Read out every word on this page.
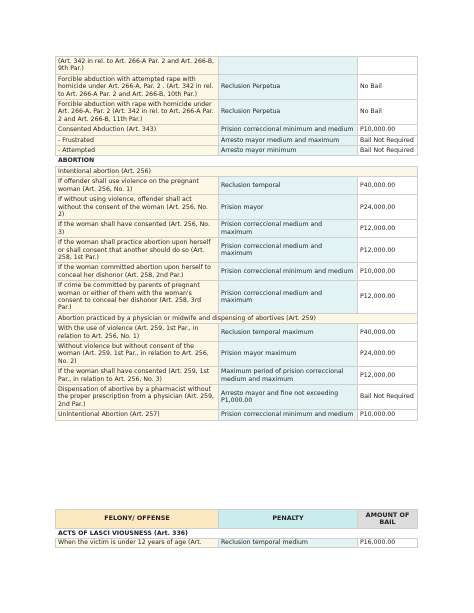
(Art. 342 in rel. to Art. 266-A Par. 2 and Art. 266-B, 9th Par.)		
Forcible abduction with attempted rape with homicide under Art. 266-A, Par. 2 . (Art. 342 in rel. to Art. 266-A Par. 2 and Art. 266-B, 10th Par.)	Reclusion Perpetua	No Bail
Forcible abduction with rape with homicide under Art. 266-A, Par. 2 (Art. 342 in rel. to Art. 266-A Par. 2 and Art. 266-B, 11th Par.)	Reclusion Perpetua	No Bail
Consented Abduction (Art. 343)	Prision correccional minimum and medium	P10,000.00
- Frustrated	Arresto mayor medium and maximum	Bail Not Required
- Attempted	Arresto mayor minimum	Bail Not Required
ABORTION		
Intentional abortion (Art. 256)		
If offender shall use violence on the pregnant woman (Art. 256, No. 1)	Reclusion temporal	P40,000.00
If without using violence, offender shall act without the consent of the woman (Art. 256, No. 2)	Prision mayor	P24,000.00
If the woman shall have consented (Art. 256, No. 3)	Prision correccional medium and maximum	P12,000.00
If the woman shall practice abortion upon herself or shall consent that another should do so (Art. 258, 1st Par.)	Prision correccional medium and maximum	P12,000.00
If the woman committed abortion upon herself to conceal her dishonor (Art. 258, 2nd Par.)	Prision correccional minimum and medium	P10,000.00
If crime be committed by parents of pregnant woman or either of them with the woman's consent to conceal her dishonor (Art. 258, 3rd Par.)	Prision correccional medium and maximum	P12,000.00
Abortion practiced by a physician or midwife and dispensing of abortives (Art. 259)		
With the use of violence (Art. 259, 1st Par., in relation to Art. 256, No. 1)	Reclusion temporal maximum	P40,000.00
Without violence but without consent of the woman (Art. 259, 1st Par., in relation to Art. 256, No. 2)	Prision mayor maximum	P24,000.00
If the woman shall have consented (Art. 259, 1st Par., in relation to Art. 256, No. 3)	Maximum period of prision correccional medium and maximum	P12,000.00
Dispensation of abortive by a pharmacist without the proper prescription from a physician (Art. 259, 2nd Par.)	Arresto mayor and fine not exceeding P1,000.00	Bail Not Required
Unintentional Abortion (Art. 257)	Prision correccional minimum and medium	P10,000.00
FELONY/ OFFENSE	PENALTY	AMOUNT OF BAIL
ACTS OF LASCI VIOUSNESS (Art. 336)		
When the victim is under 12 years of age (Art.	Reclusion temporal medium	P16,000.00
